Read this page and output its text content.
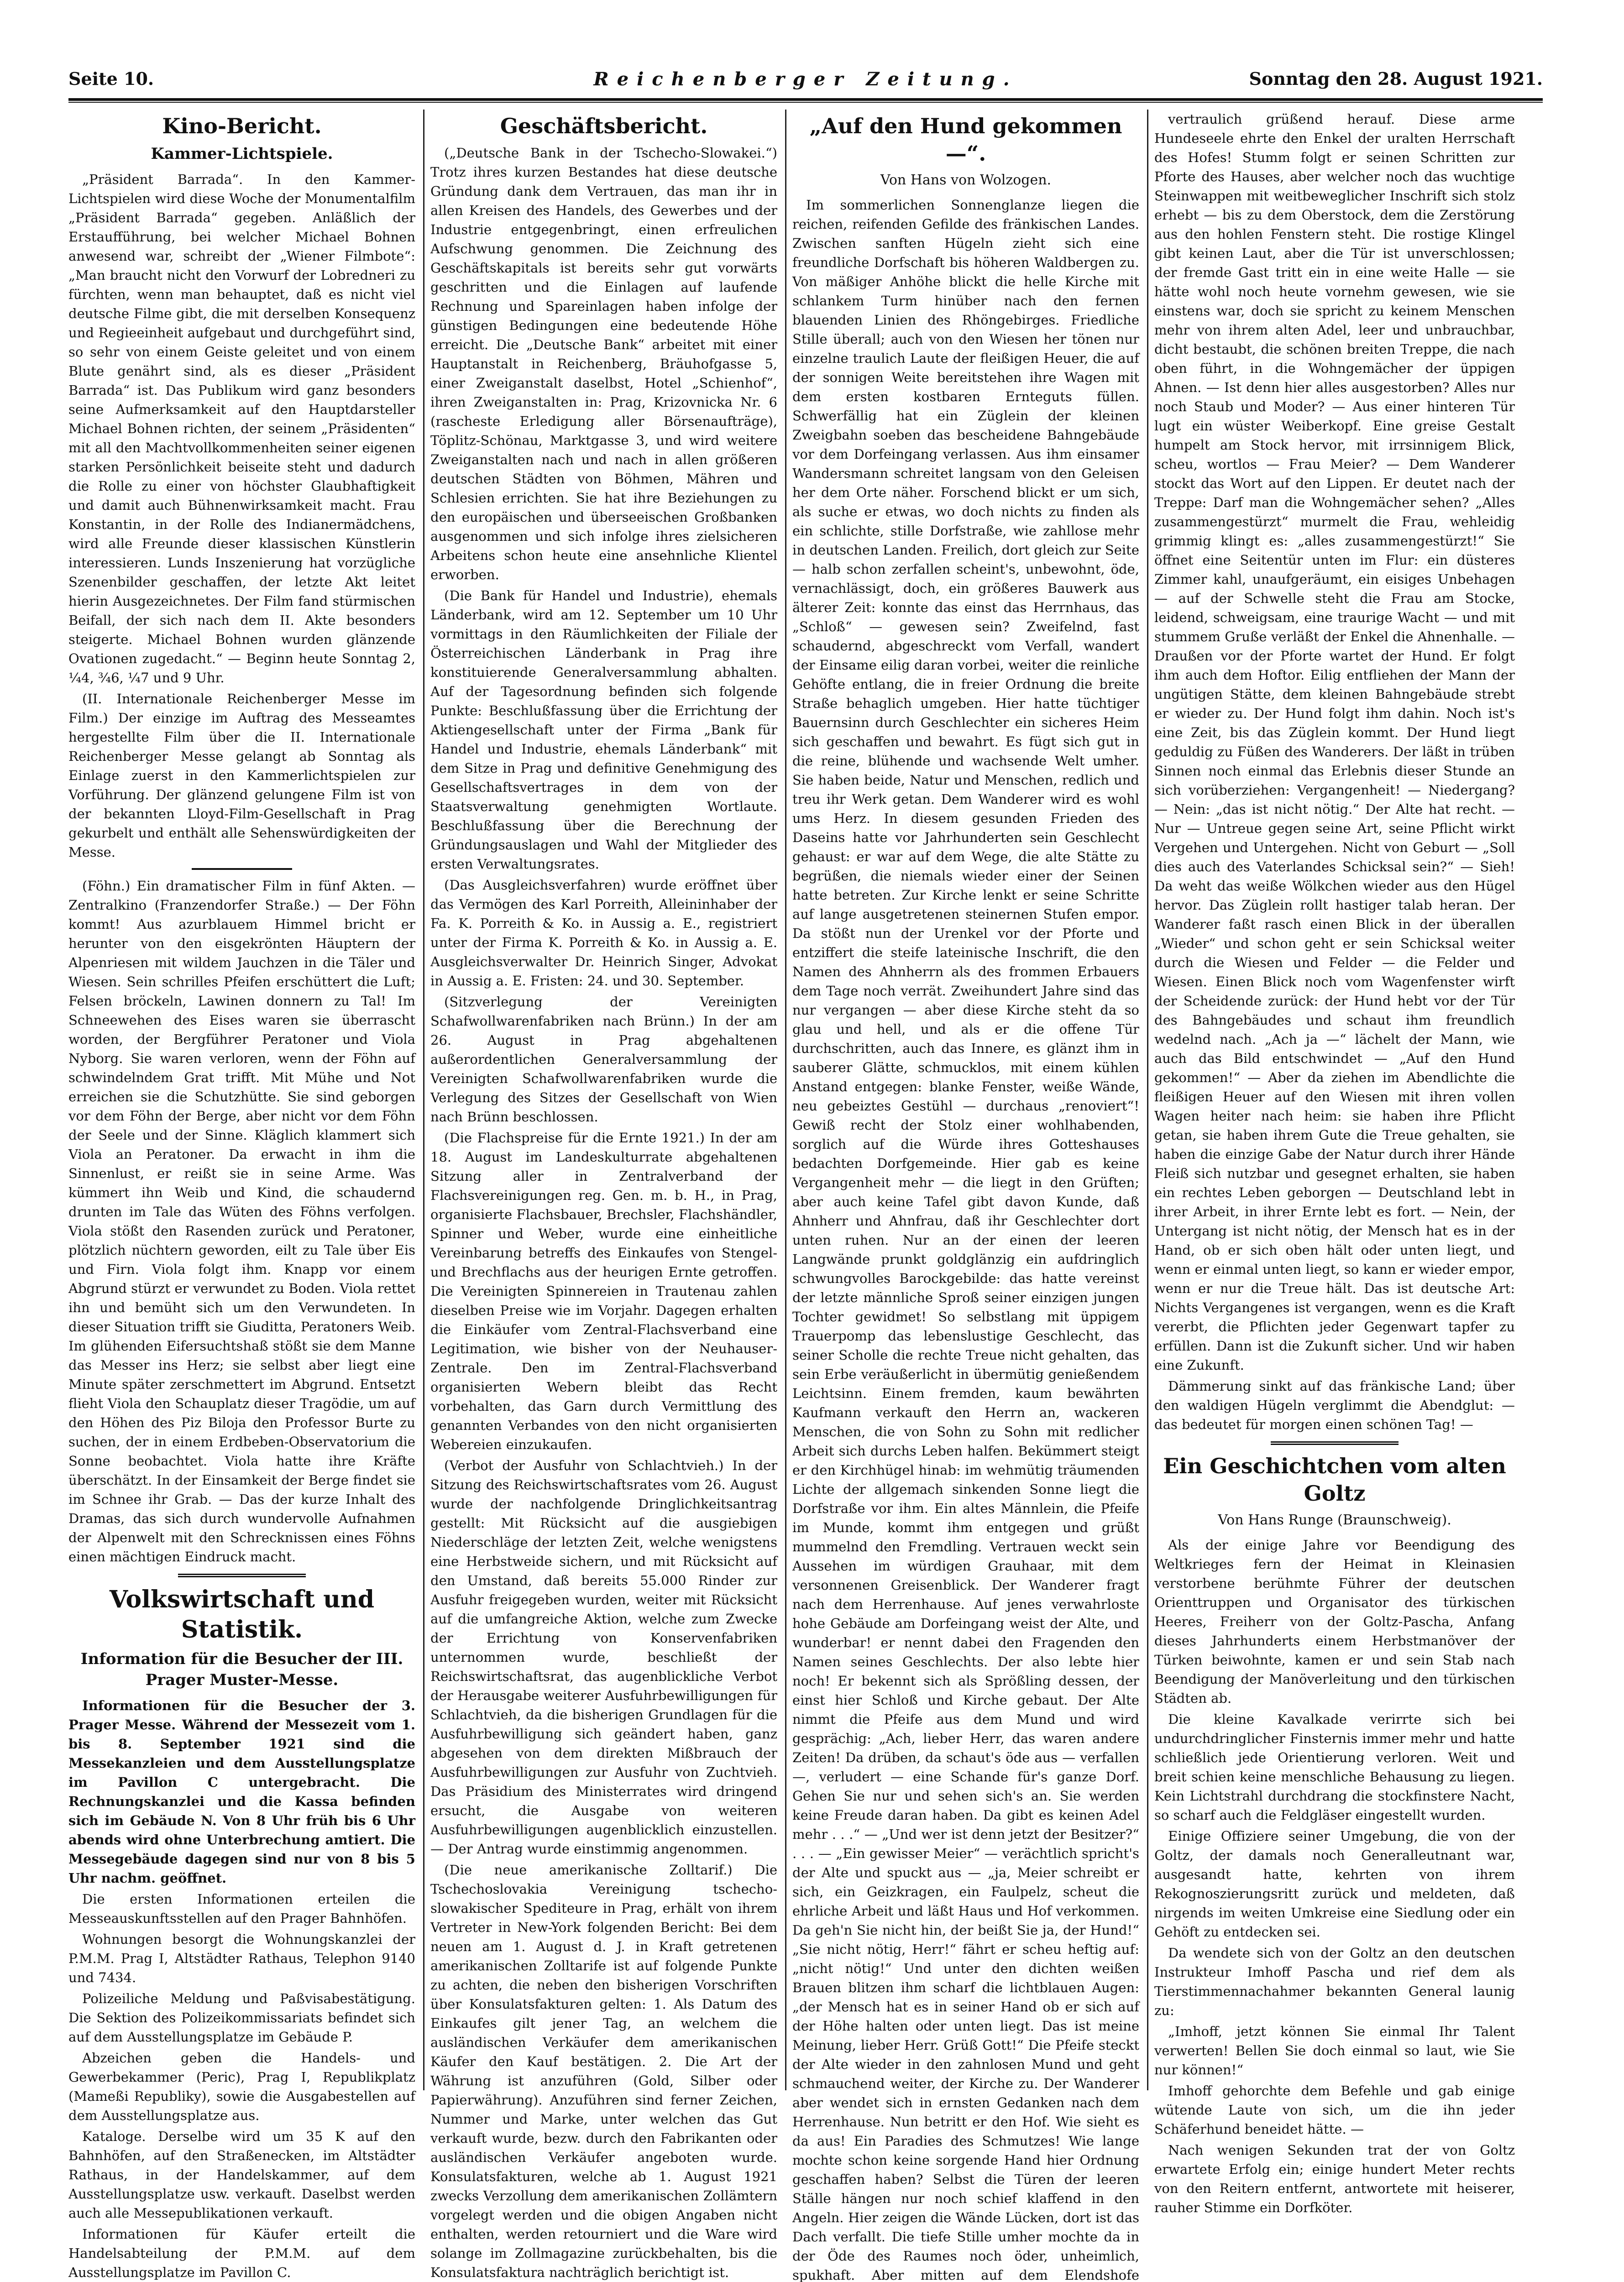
Seite 10.	Reichenberger Zeitung.	Sonntag den 28. August 1921.
Kino-Bericht.
Kammer-Lichtspiele.

„Präsident Barrada“. In den Kammer-Lichtspielen wird diese Woche der Monumentalfilm „Präsident Barrada“ gegeben. Anläßlich der Erstaufführung, bei welcher Michael Bohnen anwesend war, schreibt der „Wiener Filmbote“: „Man braucht nicht den Vorwurf der Lobredneri zu fürchten, wenn man behauptet, daß es nicht viel deutsche Filme gibt, die mit derselben Konsequenz und Regieeinheit aufgebaut und durchgeführt sind, so sehr von einem Geiste geleitet und von einem Blute genährt sind, als es dieser „Präsident Barrada“ ist. Das Publikum wird ganz besonders seine Aufmerksamkeit auf den Hauptdarsteller Michael Bohnen richten, der seinem „Präsidenten“ mit all den Machtvollkommenheiten seiner eigenen starken Persönlichkeit beiseite steht und dadurch die Rolle zu einer von höchster Glaubhaftigkeit und damit auch Bühnenwirksamkeit macht. Frau Konstantin, in der Rolle des Indianermädchens, wird alle Freunde dieser klassischen Künstlerin interessieren. Lunds Inszenierung hat vorzügliche Szenenbilder geschaffen, der letzte Akt leitet hierin Ausgezeichnetes. Der Film fand stürmischen Beifall, der sich nach dem II. Akte besonders steigerte. Michael Bohnen wurden glänzende Ovationen zugedacht.“ — Beginn heute Sonntag 2, ¼4, ¾6, ¼7 und 9 Uhr.

(II. Internationale Reichenberger Messe im Film.) Der einzige im Auftrag des Messeamtes hergestellte Film über die II. Internationale Reichenberger Messe gelangt ab Sonntag als Einlage zuerst in den Kammerlichtspielen zur Vorführung. Der glänzend gelungene Film ist von der bekannten Lloyd-Film-Gesellschaft in Prag gekurbelt und enthält alle Sehenswürdigkeiten der Messe.

(Föhn.) Ein dramatischer Film in fünf Akten. — Zentralkino (Franzendorfer Straße.) — Der Föhn kommt! Aus azurblauem Himmel bricht er herunter von den eisgekrönten Häuptern der Alpenriesen mit wildem Jauchzen in die Täler und Wiesen. Sein schrilles Pfeifen erschüttert die Luft; Felsen bröckeln, Lawinen donnern zu Tal! Im Schneewehen des Eises waren sie überrascht worden, der Bergführer Peratoner und Viola Nyborg. Sie waren verloren, wenn der Föhn auf schwindelndem Grat trifft. Mit Mühe und Not erreichen sie die Schutzhütte. Sie sind geborgen vor dem Föhn der Berge, aber nicht vor dem Föhn der Seele und der Sinne. Kläglich klammert sich Viola an Peratoner. Da erwacht in ihm die Sinnenlust, er reißt sie in seine Arme. Was kümmert ihn Weib und Kind, die schaudernd drunten im Tale das Wüten des Föhns verfolgen. Viola stößt den Rasenden zurück und Peratoner, plötzlich nüchtern geworden, eilt zu Tale über Eis und Firn. Viola folgt ihm. Knapp vor einem Abgrund stürzt er verwundet zu Boden. Viola rettet ihn und bemüht sich um den Verwundeten. In dieser Situation trifft sie Giuditta, Peratoners Weib. Im glühenden Eifersuchtshaß stößt sie dem Manne das Messer ins Herz; sie selbst aber liegt eine Minute später zerschmettert im Abgrund. Entsetzt flieht Viola den Schauplatz dieser Tragödie, um auf den Höhen des Piz Biloja den Professor Burte zu suchen, der in einem Erdbeben-Observatorium die Sonne beobachtet. Viola hatte ihre Kräfte überschätzt. In der Einsamkeit der Berge findet sie im Schnee ihr Grab. — Das der kurze Inhalt des Dramas, das sich durch wundervolle Aufnahmen der Alpenwelt mit den Schrecknissen eines Föhns einen mächtigen Eindruck macht.

Volkswirtschaft und Statistik.
Information für die Besucher der III. Prager Muster-Messe.

Informationen für die Besucher der 3. Prager Messe. Während der Messezeit vom 1. bis 8. September 1921 sind die Messekanzleien und dem Ausstellungsplatze im Pavillon C untergebracht. Die Rechnungskanzlei und die Kassa befinden sich im Gebäude N. Von 8 Uhr früh bis 6 Uhr abends wird ohne Unterbrechung amtiert. Die Messegebäude dagegen sind nur von 8 bis 5 Uhr nachm. geöffnet.

Die ersten Informationen erteilen die Messeauskunftsstellen auf den Prager Bahnhöfen.

Wohnungen besorgt die Wohnungskanzlei der P.M.M. Prag I, Altstädter Rathaus, Telephon 9140 und 7434.

Polizeiliche Meldung und Paßvisabestätigung. Die Sektion des Polizeikommissariats befindet sich auf dem Ausstellungsplatze im Gebäude P.

Abzeichen geben die Handels- und Gewerbekammer (Peric), Prag I, Republikplatz (Mameßi Republiky), sowie die Ausgabestellen auf dem Ausstellungsplatze aus.

Kataloge. Derselbe wird um 35 K auf den Bahnhöfen, auf den Straßenecken, im Altstädter Rathaus, in der Handelskammer, auf dem Ausstellungsplatze usw. verkauft. Daselbst werden auch alle Messepublikationen verkauft.

Informationen für Käufer erteilt die Handelsabteilung der P.M.M. auf dem Ausstellungsplatze im Pavillon C.

Geschäftsbericht.

(„Deutsche Bank in der Tschecho-Slowakei.“) Trotz ihres kurzen Bestandes hat diese deutsche Gründung dank dem Vertrauen, das man ihr in allen Kreisen des Handels, des Gewerbes und der Industrie entgegenbringt, einen erfreulichen Aufschwung genommen. Die Zeichnung des Geschäftskapitals ist bereits sehr gut vorwärts geschritten und die Einlagen auf laufende Rechnung und Spareinlagen haben infolge der günstigen Bedingungen eine bedeutende Höhe erreicht. Die „Deutsche Bank“ arbeitet mit einer Hauptanstalt in Reichenberg, Bräuhofgasse 5, einer Zweiganstalt daselbst, Hotel „Schienhof“, ihren Zweiganstalten in: Prag, Krizovnicka Nr. 6 (raschestе Erledigung aller Börsenaufträge), Töplitz-Schönau, Marktgasse 3, und wird weitere Zweiganstalten nach und nach in allen größeren deutschen Städten von Böhmen, Mähren und Schlesien errichten. Sie hat ihre Beziehungen zu den europäischen und überseeischen Großbanken ausgenommen und sich infolge ihres zielsicheren Arbeitens schon heute eine ansehnliche Klientel erworben.

(Die Bank für Handel und Industrie), ehemals Länderbank, wird am 12. September um 10 Uhr vormittags in den Räumlichkeiten der Filiale der Österreichischen Länderbank in Prag ihre konstituierende Generalversammlung abhalten. Auf der Tagesordnung befinden sich folgende Punkte: Beschlußfassung über die Errichtung der Aktiengesellschaft unter der Firma „Bank für Handel und Industrie, ehemals Länderbank“ mit dem Sitze in Prag und definitive Genehmigung des Gesellschaftsvertrages in dem von der Staatsverwaltung genehmigten Wortlaute. Beschlußfassung über die Berechnung der Gründungsauslagen und Wahl der Mitglieder des ersten Verwaltungsrates.

(Das Ausgleichsverfahren) wurde eröffnet über das Vermögen des Karl Porreith, Alleininhaber der Fa. K. Porreith & Ko. in Aussig a. E., registriert unter der Firma K. Porreith & Ko. in Aussig a. E. Ausgleichsverwalter Dr. Heinrich Singer, Advokat in Aussig a. E. Fristen: 24. und 30. September.

(Sitzverlegung der Vereinigten Schafwollwarenfabriken nach Brünn.) In der am 26. August in Prag abgehaltenen außerordentlichen Generalversammlung der Vereinigten Schafwollwarenfabriken wurde die Verlegung des Sitzes der Gesellschaft von Wien nach Brünn beschlossen.

(Die Flachspreise für die Ernte 1921.) In der am 18. August im Landeskulturrate abgehaltenen Sitzung aller in Zentralverband der Flachsvereinigungen reg. Gen. m. b. H., in Prag, organisierte Flachsbauer, Brechsler, Flachshändler, Spinner und Weber, wurde eine einheitliche Vereinbarung betreffs des Einkaufes von Stengel- und Brechflachs aus der heurigen Ernte getroffen. Die Vereinigten Spinnereien in Trautenau zahlen dieselben Preise wie im Vorjahr. Dagegen erhalten die Einkäufer vom Zentral-Flachsverband eine Legitimation, wie bisher von der Neuhauser-Zentrale. Den im Zentral-Flachsverband organisierten Webern bleibt das Recht vorbehalten, das Garn durch Vermittlung des genannten Verbandes von den nicht organisierten Webereien einzukaufen.

(Verbot der Ausfuhr von Schlachtvieh.) In der Sitzung des Reichswirtschaftsrates vom 26. August wurde der nachfolgende Dringlichkeitsantrag gestellt: Mit Rücksicht auf die ausgiebigen Niederschläge der letzten Zeit, welche wenigstens eine Herbstweide sichern, und mit Rücksicht auf den Umstand, daß bereits 55.000 Rinder zur Ausfuhr freigegeben wurden, weiter mit Rücksicht auf die umfangreiche Aktion, welche zum Zwecke der Errichtung von Konservenfabriken unternommen wurde, beschließt der Reichswirtschaftsrat, das augenblickliche Verbot der Herausgabe weiterer Ausfuhrbewilligungen für Schlachtvieh, da die bisherigen Grundlagen für die Ausfuhrbewilligung sich geändert haben, ganz abgesehen von dem direkten Mißbrauch der Ausfuhrbewilligungen zur Ausfuhr von Zuchtvieh. Das Präsidium des Ministerrates wird dringend ersucht, die Ausgabe von weiteren Ausfuhrbewilligungen augenblicklich einzustellen. — Der Antrag wurde einstimmig angenommen.

(Die neue amerikanische Zolltarif.) Die Tschechoslovakia Vereinigung tschecho-slowakischer Spediteure in Prag, erhält von ihrem Vertreter in New-York folgenden Bericht: Bei dem neuen am 1. August d. J. in Kraft getretenen amerikanischen Zolltarife ist auf folgende Punkte zu achten, die neben den bisherigen Vorschriften über Konsulatsfakturen gelten: 1. Als Datum des Einkaufes gilt jener Tag, an welchem die ausländischen Verkäufer dem amerikanischen Käufer den Kauf bestätigen. 2. Die Art der Währung ist anzuführen (Gold, Silber oder Papierwährung). Anzuführen sind ferner Zeichen, Nummer und Marke, unter welchen das Gut verkauft wurde, bezw. durch den Fabrikanten oder ausländischen Verkäufer angeboten wurde. Konsulatsfakturen, welche ab 1. August 1921 zwecks Verzollung dem amerikanischen Zollämtern vorgelegt werden und die obigen Angaben nicht enthalten, werden retourniert und die Ware wird solange im Zollmagazine zurückbehalten, bis die Konsulatsfaktura nachträglich berichtigt ist.

„Auf den Hund gekommen —“.
Von Hans von Wolzogen.

Im sommerlichen Sonnenglanze liegen die reichen, reifenden Gefilde des fränkischen Landes. Zwischen sanften Hügeln zieht sich eine freundliche Dorfschaft bis höheren Waldbergen zu. Von mäßiger Anhöhe blickt die helle Kirche mit schlankem Turm hinüber nach den fernen blauenden Linien des Rhöngebirges. Friedliche Stille überall; auch von den Wiesen her tönen nur einzelne traulich Laute der fleißigen Heuer, die auf der sonnigen Weite bereitstehen ihre Wagen mit dem ersten kostbaren Ernteguts füllen. Schwerfällig hat ein Züglein der kleinen Zweigbahn soeben das bescheidene Bahngebäude vor dem Dorfeingang verlassen. Aus ihm einsamer Wandersmann schreitet langsam von den Geleisen her dem Orte näher. Forschend blickt er um sich, als suche er etwas, wo doch nichts zu finden als ein schlichte, stille Dorfstraße, wie zahllose mehr in deutschen Landen. Freilich, dort gleich zur Seite — halb schon zerfallen scheint's, unbewohnt, öde, vernachlässigt, doch, ein größeres Bauwerk aus älterer Zeit: konnte das einst das Herrnhaus, das „Schloß“ — gewesen sein? Zweifelnd, fast schaudernd, abgeschreckt vom Verfall, wandert der Einsame eilig daran vorbei, weiter die reinliche Gehöfte entlang, die in freier Ordnung die breite Straße behaglich umgeben. Hier hatte tüchtiger Bauernsinn durch Geschlechter ein sicheres Heim sich geschaffen und bewahrt. Es fügt sich gut in die reine, blühende und wachsende Welt umher. Sie haben beide, Natur und Menschen, redlich und treu ihr Werk getan. Dem Wanderer wird es wohl ums Herz. In diesem gesunden Frieden des Daseins hatte vor Jahrhunderten sein Geschlecht gehaust: er war auf dem Wege, die alte Stätte zu begrüßen, die niemals wieder einer der Seinen hatte betreten. Zur Kirche lenkt er seine Schritte auf lange ausgetretenen steinernen Stufen empor. Da stößt nun der Urenkel vor der Pforte und entziffert die steife lateinische Inschrift, die den Namen des Ahnherrn als des frommen Erbauers dem Tage noch verrät. Zweihundert Jahre sind das nur vergangen — aber diese Kirche steht da so glau und hell, und als er die offene Tür durchschritten, auch das Innere, es glänzt ihm in sauberer Glätte, schmucklos, mit einem kühlen Anstand entgegen: blanke Fenster, weiße Wände, neu gebeiztes Gestühl — durchaus „renoviert“! Gewiß recht der Stolz einer wohlhabenden, sorglich auf die Würde ihres Gotteshauses bedachten Dorfgemeinde. Hier gab es keine Vergangenheit mehr — die liegt in den Grüften; aber auch keine Tafel gibt davon Kunde, daß Ahnherr und Ahnfrau, daß ihr Geschlechter dort unten ruhen. Nur an der einen der leeren Langwände prunkt goldglänzig ein aufdringlich schwungvolles Barockgebilde: das hatte vereinst der letzte männliche Sproß seiner einzigen jungen Tochter gewidmet! So selbstlang mit üppigem Trauerpomp das lebenslustige Geschlecht, das seiner Scholle die rechte Treue nicht gehalten, das sein Erbe veräußerlicht in übermütig genießendem Leichtsinn. Einem fremden, kaum bewährten Kaufmann verkauft den Herrn an, wackeren Menschen, die von Sohn zu Sohn mit redlicher Arbeit sich durchs Leben halfen. Bekümmert steigt er den Kirchhügel hinab: im wehmütig träumenden Lichte der allgemach sinkenden Sonne liegt die Dorfstraße vor ihm. Ein altes Männlein, die Pfeife im Munde, kommt ihm entgegen und grüßt mummelnd den Fremdling. Vertrauen weckt sein Aussehen im würdigen Grauhaar, mit dem versonnenen Greisenblick. Der Wanderer fragt nach dem Herrenhause. Auf jenes verwahrloste hohe Gebäude am Dorfeingang weist der Alte, und wunderbar! er nennt dabei den Fragenden den Namen seines Geschlechts. Der also lebte hier noch! Er bekennt sich als Sprößling dessen, der einst hier Schloß und Kirche gebaut. Der Alte nimmt die Pfeife aus dem Mund und wird gesprächig: „Ach, lieber Herr, das waren andere Zeiten! Da drüben, da schaut's öde aus — verfallen —, verludert — eine Schande für's ganze Dorf. Gehen Sie nur und sehen sich's an. Sie werden keine Freude daran haben. Da gibt es keinen Adel mehr . . .“ — „Und wer ist denn jetzt der Besitzer?“ . . . — „Ein gewisser Meier“ — verächtlich spricht's der Alte und spuckt aus — „ja, Meier schreibt er sich, ein Geizkragen, ein Faulpelz, scheut die ehrliche Arbeit und läßt Haus und Hof verkommen. Da geh'n Sie nicht hin, der beißt Sie ja, der Hund!“ „Sie nicht nötig, Herr!“ fährt er scheu heftig auf: „nicht nötig!“ Und unter den dichten weißen Brauen blitzen ihm scharf die lichtblauen Augen: „der Mensch hat es in seiner Hand ob er sich auf der Höhe halten oder unten liegt. Das ist meine Meinung, lieber Herr. Grüß Gott!“ Die Pfeife steckt der Alte wieder in den zahnlosen Mund und geht schmauchend weiter, der Kirche zu. Der Wanderer aber wendet sich in ernsten Gedanken nach dem Herrenhause. Nun betritt er den Hof. Wie sieht es da aus! Ein Paradies des Schmutzes! Wie lange mochte schon keine sorgende Hand hier Ordnung geschaffen haben? Selbst die Türen der leeren Ställe hängen nur noch schief klaffend in den Angeln. Hier zeigen die Wände Lücken, dort ist das Dach verfallt. Die tiefe Stille umher mochte da in der Öde des Raumes noch öder, unheimlich, spukhaft. Aber mitten auf dem Elendshofe

vertraulich grüßend herauf. Diese arme Hundeseele ehrte den Enkel der uralten Herrschaft des Hofes! Stumm folgt er seinen Schritten zur Pforte des Hauses, aber welcher noch das wuchtige Steinwappen mit weitbeweglicher Inschrift sich stolz erhebt — bis zu dem Oberstock, dem die Zerstörung aus den hohlen Fenstern steht. Die rostige Klingel gibt keinen Laut, aber die Tür ist unverschlossen; der fremde Gast tritt ein in eine weite Halle — sie hätte wohl noch heute vornehm gewesen, wie sie einstens war, doch sie spricht zu keinem Menschen mehr von ihrem alten Adel, leer und unbrauchbar, dicht bestaubt, die schönen breiten Treppe, die nach oben führt, in die Wohngemächer der üppigen Ahnen. — Ist denn hier alles ausgestorben? Alles nur noch Staub und Moder? — Aus einer hinteren Tür lugt ein wüster Weiberkopf. Eine greise Gestalt humpelt am Stock hervor, mit irrsinnigem Blick, scheu, wortlos — Frau Meier? — Dem Wanderer stockt das Wort auf den Lippen. Er deutet nach der Treppe: Darf man die Wohngemächer sehen? „Alles zusammengestürzt“ murmelt die Frau, wehleidig grimmig klingt es: „alles zusammengestürzt!“ Sie öffnet eine Seitentür unten im Flur: ein düsteres Zimmer kahl, unaufgeräumt, ein eisiges Unbehagen — auf der Schwelle steht die Frau am Stocke, leidend, schweigsam, eine traurige Wacht — und mit stummem Gruße verläßt der Enkel die Ahnenhalle. — Draußen vor der Pforte wartet der Hund. Er folgt ihm auch dem Hoftor. Eilig entfliehen der Mann der ungütigen Stätte, dem kleinen Bahngebäude strebt er wieder zu. Der Hund folgt ihm dahin. Noch ist's eine Zeit, bis das Züglein kommt. Der Hund liegt geduldig zu Füßen des Wanderers. Der läßt in trüben Sinnen noch einmal das Erlebnis dieser Stunde an sich vorüberziehen: Vergangenheit! — Niedergang? — Nein: „das ist nicht nötig.“ Der Alte hat recht. — Nur — Untreue gegen seine Art, seine Pflicht wirkt Vergehen und Untergehen. Nicht von Geburt — „Soll dies auch des Vaterlandes Schicksal sein?“ — Sieh! Da weht das weiße Wölkchen wieder aus den Hügel hervor. Das Züglein rollt hastiger talab heran. Der Wanderer faßt rasch einen Blick in der überallen „Wieder“ und schon geht er sein Schicksal weiter durch die Wiesen und Felder — die Felder und Wiesen. Einen Blick noch vom Wagenfenster wirft der Scheidende zurück: der Hund hebt vor der Tür des Bahngebäudes und schaut ihm freundlich wedelnd nach. „Ach ja —“ lächelt der Mann, wie auch das Bild entschwindet — „Auf den Hund gekommen!“ — Aber da ziehen im Abendlichte die fleißigen Heuer auf den Wiesen mit ihren vollen Wagen heiter nach heim: sie haben ihre Pflicht getan, sie haben ihrem Gute die Treue gehalten, sie haben die einzige Gabe der Natur durch ihrer Hände Fleiß sich nutzbar und gesegnet erhalten, sie haben ein rechtes Leben geborgen — Deutschland lebt in ihrer Arbeit, in ihrer Ernte lebt es fort. — Nein, der Untergang ist nicht nötig, der Mensch hat es in der Hand, ob er sich oben hält oder unten liegt, und wenn er einmal unten liegt, so kann er wieder empor, wenn er nur die Treue hält. Das ist deutsche Art: Nichts Vergangenes ist vergangen, wenn es die Kraft vererbt, die Pflichten jeder Gegenwart tapfer zu erfüllen. Dann ist die Zukunft sicher. Und wir haben eine Zukunft.

Dämmerung sinkt auf das fränkische Land; über den waldigen Hügeln verglimmt die Abendglut: — das bedeutet für morgen einen schönen Tag! —

Ein Geschichtchen vom alten Goltz
Von Hans Runge (Braunschweig).

Als der einige Jahre vor Beendigung des Weltkrieges fern der Heimat in Kleinasien verstorbene berühmte Führer der deutschen Orienttruppen und Organisator des türkischen Heeres, Freiherr von der Goltz-Pascha, Anfang dieses Jahrhunderts einem Herbstmanöver der Türken beiwohnte, kamen er und sein Stab nach Beendigung der Manöverleitung und den türkischen Städten ab.

Die kleine Kavalkade verirrte sich bei undurchdringlicher Finsternis immer mehr und hatte schließlich jede Orientierung verloren. Weit und breit schien keine menschliche Behausung zu liegen. Kein Lichtstrahl durchdrang die stockfinstere Nacht, so scharf auch die Feldgläser eingestellt wurden.

Einige Offiziere seiner Umgebung, die von der Goltz, der damals noch Generalleutnant war, ausgesandt hatte, kehrten von ihrem Rekognoszierungsritt zurück und meldeten, daß nirgends im weiten Umkreise eine Siedlung oder ein Gehöft zu entdecken sei.

Da wendete sich von der Goltz an den deutschen Instrukteur Imhoff Pascha und rief dem als Tierstimmennachahmer bekannten General launig zu:

„Imhoff, jetzt können Sie einmal Ihr Talent verwerten! Bellen Sie doch einmal so laut, wie Sie nur können!“

Imhoff gehorchte dem Befehle und gab einige wütende Laute von sich, um die ihn jeder Schäferhund beneidet hätte. —

Nach wenigen Sekunden trat der von Goltz erwartete Erfolg ein; einige hundert Meter rechts von den Reitern entfernt, antwortete mit heiserer, rauher Stimme ein Dorfköter.
